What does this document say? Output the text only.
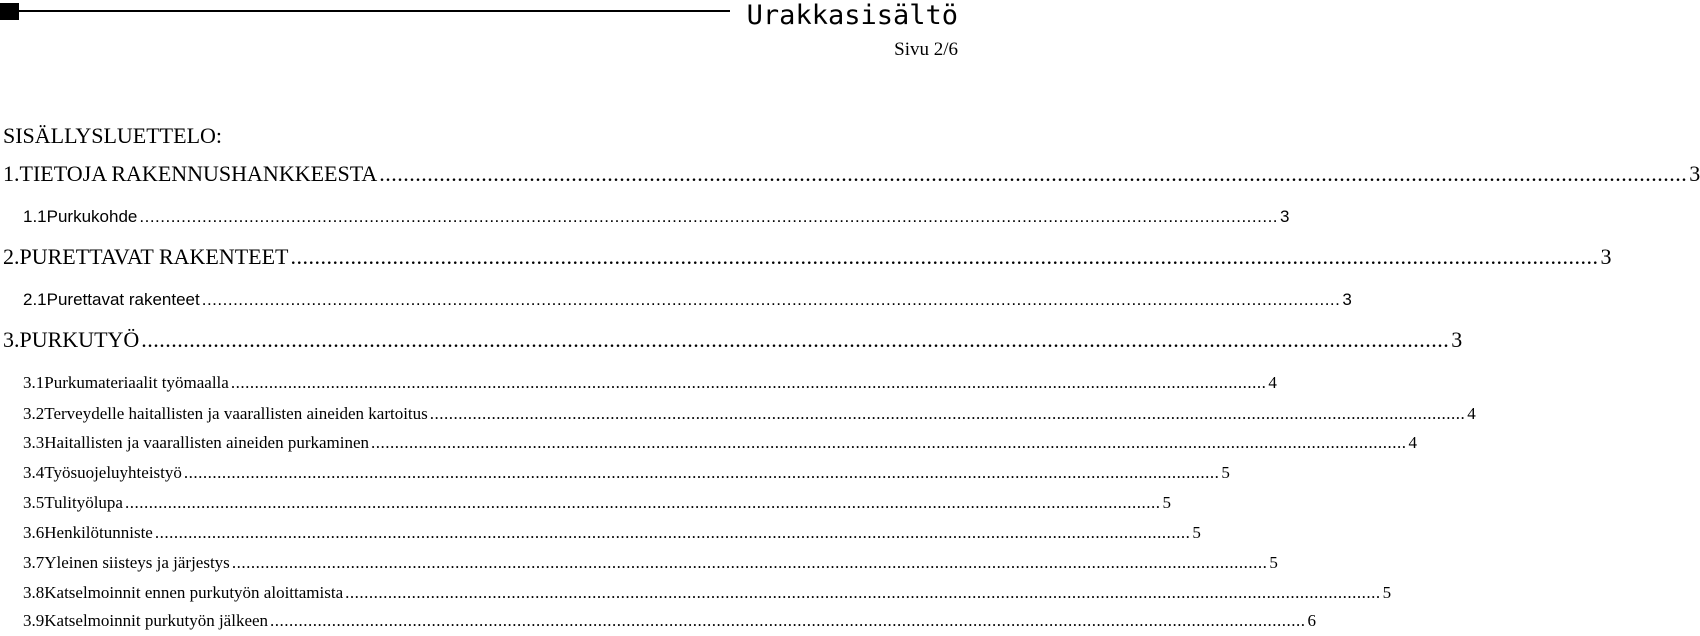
Urakkasisältö
Sivu 2/6
SISÄLLYSLUETTELO:
1. TIETOJA RAKENNUSHANKKEESTA .......................................................................................................................................................................................................................... 3
1.1 Purkukohde .......................................................................................................................................................................................................................... 3
2. PURETTAVAT RAKENTEET .......................................................................................................................................................................................................................... 3
2.1 Purettavat rakenteet .......................................................................................................................................................................................................................... 3
3. PURKUTYÖ .......................................................................................................................................................................................................................... 3
3.1 Purkumateriaalit työmaalla .......................................................................................................................................................................................................................... 4
3.2 Terveydelle haitallisten ja vaarallisten aineiden kartoitus .......................................................................................................................................................................................................................... 4
3.3 Haitallisten ja vaarallisten aineiden purkaminen .......................................................................................................................................................................................................................... 4
3.4 Työsuojeluyhteistyö .......................................................................................................................................................................................................................... 5
3.5 Tulityölupa .......................................................................................................................................................................................................................... 5
3.6 Henkilötunniste .......................................................................................................................................................................................................................... 5
3.7 Yleinen siisteys ja järjestys .......................................................................................................................................................................................................................... 5
3.8 Katselmoinnit ennen purkutyön aloittamista .......................................................................................................................................................................................................................... 5
3.9 Katselmoinnit purkutyön jälkeen .......................................................................................................................................................................................................................... 6
